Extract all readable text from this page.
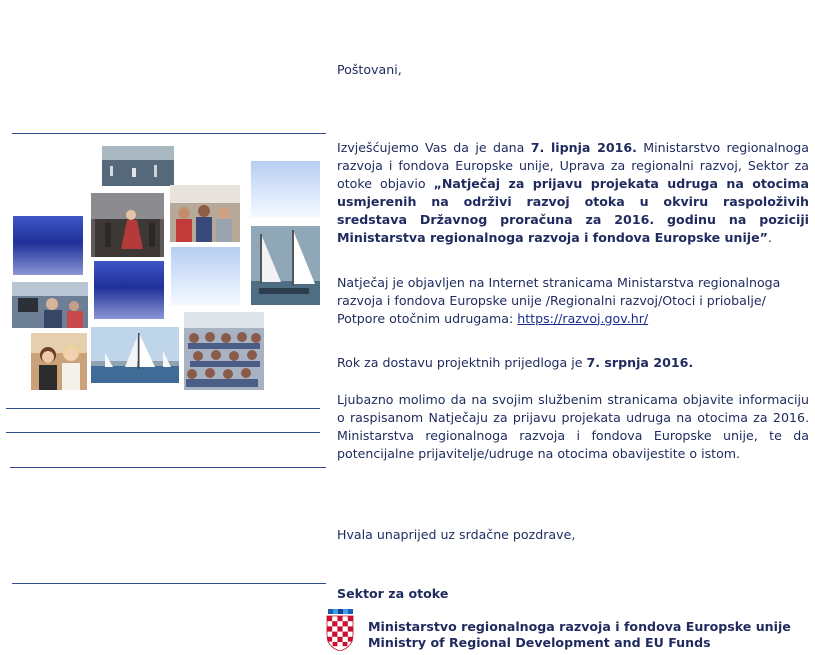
Poštovani,

Izvješćujemo Vas da je dana 7. lipnja 2016. Ministarstvo regionalnoga razvoja i fondova Europske unije, Uprava za regionalni razvoj, Sektor za otoke objavio „Natječaj za prijavu projekata udruga na otocima usmjerenih na održivi razvoj otoka u okviru raspoloživih sredstava Državnog proračuna za 2016. godinu na poziciji Ministarstva regionalnoga razvoja i fondova Europske unije”.

Natječaj je objavljen na Internet stranicama Ministarstva regionalnoga razvoja i fondova Europske unije /Regionalni razvoj/Otoci i priobalje/ Potpore otočnim udrugama: https://razvoj.gov.hr/

Rok za dostavu projektnih prijedloga je 7. srpnja 2016.

Ljubazno molimo da na svojim službenim stranicama objavite informaciju o raspisanom Natječaju za prijavu projekata udruga na otocima za 2016. Ministarstva regionalnoga razvoja i fondova Europske unije, te da potencijalne prijavitelje/udruge na otocima obavijestite o istom.

Hvala unaprijed uz srdačne pozdrave,

Sektor za otoke

Ministarstvo regionalnoga razvoja i fondova Europske unije
Ministry of Regional Development and EU Funds
